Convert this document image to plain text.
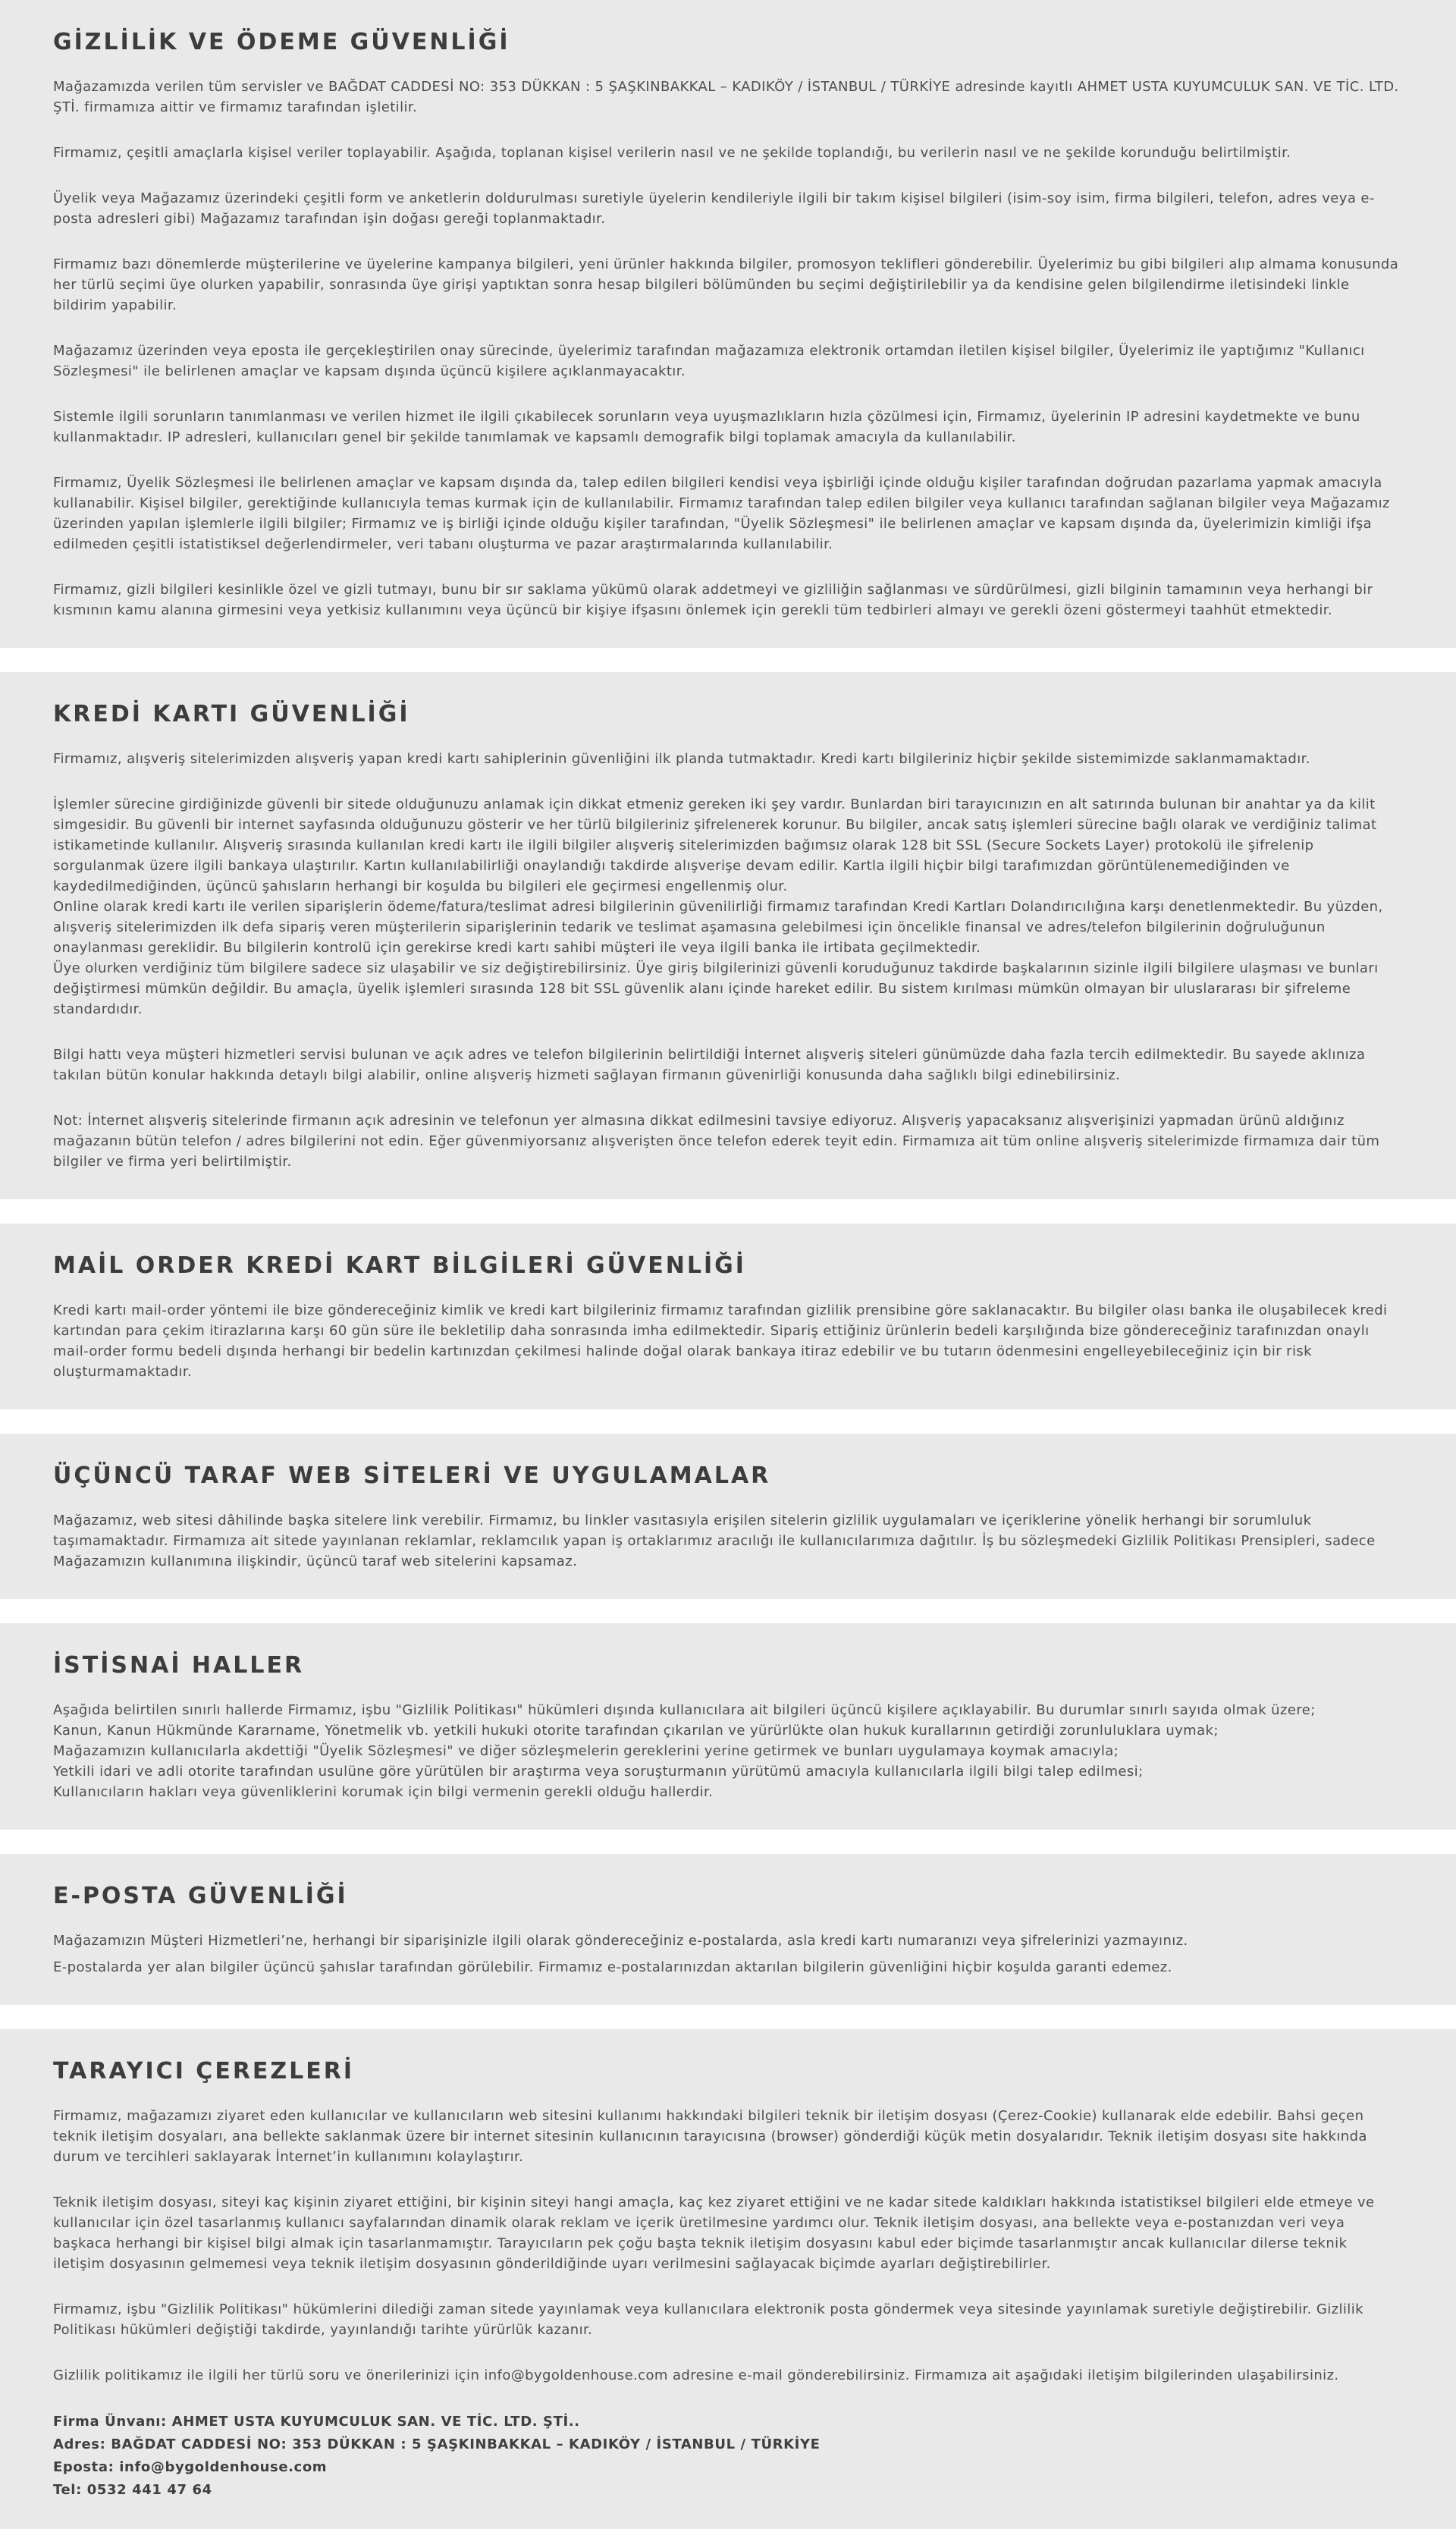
GİZLİLİK VE ÖDEME GÜVENLİĞİ

Mağazamızda verilen tüm servisler ve BAĞDAT CADDESİ NO: 353 DÜKKAN : 5 ŞAŞKINBAKKAL – KADIKÖY / İSTANBUL / TÜRKİYE adresinde kayıtlı AHMET USTA KUYUMCULUK SAN. VE TİC. LTD. ŞTİ. firmamıza aittir ve firmamız tarafından işletilir.

Firmamız, çeşitli amaçlarla kişisel veriler toplayabilir. Aşağıda, toplanan kişisel verilerin nasıl ve ne şekilde toplandığı, bu verilerin nasıl ve ne şekilde korunduğu belirtilmiştir.

Üyelik veya Mağazamız üzerindeki çeşitli form ve anketlerin doldurulması suretiyle üyelerin kendileriyle ilgili bir takım kişisel bilgileri (isim-soy isim, firma bilgileri, telefon, adres veya e-posta adresleri gibi) Mağazamız tarafından işin doğası gereği toplanmaktadır.

Firmamız bazı dönemlerde müşterilerine ve üyelerine kampanya bilgileri, yeni ürünler hakkında bilgiler, promosyon teklifleri gönderebilir. Üyelerimiz bu gibi bilgileri alıp almama konusunda her türlü seçimi üye olurken yapabilir, sonrasında üye girişi yaptıktan sonra hesap bilgileri bölümünden bu seçimi değiştirilebilir ya da kendisine gelen bilgilendirme iletisindeki linkle bildirim yapabilir.

Mağazamız üzerinden veya eposta ile gerçekleştirilen onay sürecinde, üyelerimiz tarafından mağazamıza elektronik ortamdan iletilen kişisel bilgiler, Üyelerimiz ile yaptığımız "Kullanıcı Sözleşmesi" ile belirlenen amaçlar ve kapsam dışında üçüncü kişilere açıklanmayacaktır.

Sistemle ilgili sorunların tanımlanması ve verilen hizmet ile ilgili çıkabilecek sorunların veya uyuşmazlıkların hızla çözülmesi için, Firmamız, üyelerinin IP adresini kaydetmekte ve bunu kullanmaktadır. IP adresleri, kullanıcıları genel bir şekilde tanımlamak ve kapsamlı demografik bilgi toplamak amacıyla da kullanılabilir.

Firmamız, Üyelik Sözleşmesi ile belirlenen amaçlar ve kapsam dışında da, talep edilen bilgileri kendisi veya işbirliği içinde olduğu kişiler tarafından doğrudan pazarlama yapmak amacıyla kullanabilir. Kişisel bilgiler, gerektiğinde kullanıcıyla temas kurmak için de kullanılabilir. Firmamız tarafından talep edilen bilgiler veya kullanıcı tarafından sağlanan bilgiler veya Mağazamız üzerinden yapılan işlemlerle ilgili bilgiler; Firmamız ve iş birliği içinde olduğu kişiler tarafından, "Üyelik Sözleşmesi" ile belirlenen amaçlar ve kapsam dışında da, üyelerimizin kimliği ifşa edilmeden çeşitli istatistiksel değerlendirmeler, veri tabanı oluşturma ve pazar araştırmalarında kullanılabilir.

Firmamız, gizli bilgileri kesinlikle özel ve gizli tutmayı, bunu bir sır saklama yükümü olarak addetmeyi ve gizliliğin sağlanması ve sürdürülmesi, gizli bilginin tamamının veya herhangi bir kısmının kamu alanına girmesini veya yetkisiz kullanımını veya üçüncü bir kişiye ifşasını önlemek için gerekli tüm tedbirleri almayı ve gerekli özeni göstermeyi taahhüt etmektedir.

KREDİ KARTI GÜVENLİĞİ

Firmamız, alışveriş sitelerimizden alışveriş yapan kredi kartı sahiplerinin güvenliğini ilk planda tutmaktadır. Kredi kartı bilgileriniz hiçbir şekilde sistemimizde saklanmamaktadır.

İşlemler sürecine girdiğinizde güvenli bir sitede olduğunuzu anlamak için dikkat etmeniz gereken iki şey vardır. Bunlardan biri tarayıcınızın en alt satırında bulunan bir anahtar ya da kilit simgesidir. Bu güvenli bir internet sayfasında olduğunuzu gösterir ve her türlü bilgileriniz şifrelenerek korunur. Bu bilgiler, ancak satış işlemleri sürecine bağlı olarak ve verdiğiniz talimat istikametinde kullanılır. Alışveriş sırasında kullanılan kredi kartı ile ilgili bilgiler alışveriş sitelerimizden bağımsız olarak 128 bit SSL (Secure Sockets Layer) protokolü ile şifrelenip sorgulanmak üzere ilgili bankaya ulaştırılır. Kartın kullanılabilirliği onaylandığı takdirde alışverişe devam edilir. Kartla ilgili hiçbir bilgi tarafımızdan görüntülenemediğinden ve kaydedilmediğinden, üçüncü şahısların herhangi bir koşulda bu bilgileri ele geçirmesi engellenmiş olur.

Online olarak kredi kartı ile verilen siparişlerin ödeme/fatura/teslimat adresi bilgilerinin güvenilirliği firmamız tarafından Kredi Kartları Dolandırıcılığına karşı denetlenmektedir. Bu yüzden, alışveriş sitelerimizden ilk defa sipariş veren müşterilerin siparişlerinin tedarik ve teslimat aşamasına gelebilmesi için öncelikle finansal ve adres/telefon bilgilerinin doğruluğunun onaylanması gereklidir. Bu bilgilerin kontrolü için gerekirse kredi kartı sahibi müşteri ile veya ilgili banka ile irtibata geçilmektedir.

Üye olurken verdiğiniz tüm bilgilere sadece siz ulaşabilir ve siz değiştirebilirsiniz. Üye giriş bilgilerinizi güvenli koruduğunuz takdirde başkalarının sizinle ilgili bilgilere ulaşması ve bunları değiştirmesi mümkün değildir. Bu amaçla, üyelik işlemleri sırasında 128 bit SSL güvenlik alanı içinde hareket edilir. Bu sistem kırılması mümkün olmayan bir uluslararası bir şifreleme standardıdır.

Bilgi hattı veya müşteri hizmetleri servisi bulunan ve açık adres ve telefon bilgilerinin belirtildiği İnternet alışveriş siteleri günümüzde daha fazla tercih edilmektedir. Bu sayede aklınıza takılan bütün konular hakkında detaylı bilgi alabilir, online alışveriş hizmeti sağlayan firmanın güvenirliği konusunda daha sağlıklı bilgi edinebilirsiniz.

Not: İnternet alışveriş sitelerinde firmanın açık adresinin ve telefonun yer almasına dikkat edilmesini tavsiye ediyoruz. Alışveriş yapacaksanız alışverişinizi yapmadan ürünü aldığınız mağazanın bütün telefon / adres bilgilerini not edin. Eğer güvenmiyorsanız alışverişten önce telefon ederek teyit edin. Firmamıza ait tüm online alışveriş sitelerimizde firmamıza dair tüm bilgiler ve firma yeri belirtilmiştir.

MAİL ORDER KREDİ KART BİLGİLERİ GÜVENLİĞİ

Kredi kartı mail-order yöntemi ile bize göndereceğiniz kimlik ve kredi kart bilgileriniz firmamız tarafından gizlilik prensibine göre saklanacaktır. Bu bilgiler olası banka ile oluşabilecek kredi kartından para çekim itirazlarına karşı 60 gün süre ile bekletilip daha sonrasında imha edilmektedir. Sipariş ettiğiniz ürünlerin bedeli karşılığında bize göndereceğiniz tarafınızdan onaylı mail-order formu bedeli dışında herhangi bir bedelin kartınızdan çekilmesi halinde doğal olarak bankaya itiraz edebilir ve bu tutarın ödenmesini engelleyebileceğiniz için bir risk oluşturmamaktadır.

ÜÇÜNCÜ TARAF WEB SİTELERİ VE UYGULAMALAR

Mağazamız, web sitesi dâhilinde başka sitelere link verebilir. Firmamız, bu linkler vasıtasıyla erişilen sitelerin gizlilik uygulamaları ve içeriklerine yönelik herhangi bir sorumluluk taşımamaktadır. Firmamıza ait sitede yayınlanan reklamlar, reklamcılık yapan iş ortaklarımız aracılığı ile kullanıcılarımıza dağıtılır. İş bu sözleşmedeki Gizlilik Politikası Prensipleri, sadece Mağazamızın kullanımına ilişkindir, üçüncü taraf web sitelerini kapsamaz.

İSTİSNAİ HALLER
Aşağıda belirtilen sınırlı hallerde Firmamız, işbu "Gizlilik Politikası" hükümleri dışında kullanıcılara ait bilgileri üçüncü kişilere açıklayabilir. Bu durumlar sınırlı sayıda olmak üzere;
Kanun, Kanun Hükmünde Kararname, Yönetmelik vb. yetkili hukuki otorite tarafından çıkarılan ve yürürlükte olan hukuk kurallarının getirdiği zorunluluklara uymak;
Mağazamızın kullanıcılarla akdettiği "Üyelik Sözleşmesi" ve diğer sözleşmelerin gereklerini yerine getirmek ve bunları uygulamaya koymak amacıyla;
Yetkili idari ve adli otorite tarafından usulüne göre yürütülen bir araştırma veya soruşturmanın yürütümü amacıyla kullanıcılarla ilgili bilgi talep edilmesi;
Kullanıcıların hakları veya güvenliklerini korumak için bilgi vermenin gerekli olduğu hallerdir.
E-POSTA GÜVENLİĞİ
Mağazamızın Müşteri Hizmetleri’ne, herhangi bir siparişinizle ilgili olarak göndereceğiniz e-postalarda, asla kredi kartı numaranızı veya şifrelerinizi yazmayınız.
E-postalarda yer alan bilgiler üçüncü şahıslar tarafından görülebilir. Firmamız e-postalarınızdan aktarılan bilgilerin güvenliğini hiçbir koşulda garanti edemez.
TARAYICI ÇEREZLERİ

Firmamız, mağazamızı ziyaret eden kullanıcılar ve kullanıcıların web sitesini kullanımı hakkındaki bilgileri teknik bir iletişim dosyası (Çerez-Cookie) kullanarak elde edebilir. Bahsi geçen teknik iletişim dosyaları, ana bellekte saklanmak üzere bir internet sitesinin kullanıcının tarayıcısına (browser) gönderdiği küçük metin dosyalarıdır. Teknik iletişim dosyası site hakkında durum ve tercihleri saklayarak İnternet’in kullanımını kolaylaştırır.

Teknik iletişim dosyası, siteyi kaç kişinin ziyaret ettiğini, bir kişinin siteyi hangi amaçla, kaç kez ziyaret ettiğini ve ne kadar sitede kaldıkları hakkında istatistiksel bilgileri elde etmeye ve kullanıcılar için özel tasarlanmış kullanıcı sayfalarından dinamik olarak reklam ve içerik üretilmesine yardımcı olur. Teknik iletişim dosyası, ana bellekte veya e-postanızdan veri veya başkaca herhangi bir kişisel bilgi almak için tasarlanmamıştır. Tarayıcıların pek çoğu başta teknik iletişim dosyasını kabul eder biçimde tasarlanmıştır ancak kullanıcılar dilerse teknik iletişim dosyasının gelmemesi veya teknik iletişim dosyasının gönderildiğinde uyarı verilmesini sağlayacak biçimde ayarları değiştirebilirler.

Firmamız, işbu "Gizlilik Politikası" hükümlerini dilediği zaman sitede yayınlamak veya kullanıcılara elektronik posta göndermek veya sitesinde yayınlamak suretiyle değiştirebilir. Gizlilik Politikası hükümleri değiştiği takdirde, yayınlandığı tarihte yürürlük kazanır.

Gizlilik politikamız ile ilgili her türlü soru ve önerilerinizi için info@bygoldenhouse.com adresine e-mail gönderebilirsiniz. Firmamıza ait aşağıdaki iletişim bilgilerinden ulaşabilirsiniz.

Firma Ünvanı: AHMET USTA KUYUMCULUK SAN. VE TİC. LTD. ŞTİ..
Adres: BAĞDAT CADDESİ NO: 353 DÜKKAN : 5 ŞAŞKINBAKKAL – KADIKÖY / İSTANBUL / TÜRKİYE
Eposta: info@bygoldenhouse.com
Tel: 0532 441 47 64
